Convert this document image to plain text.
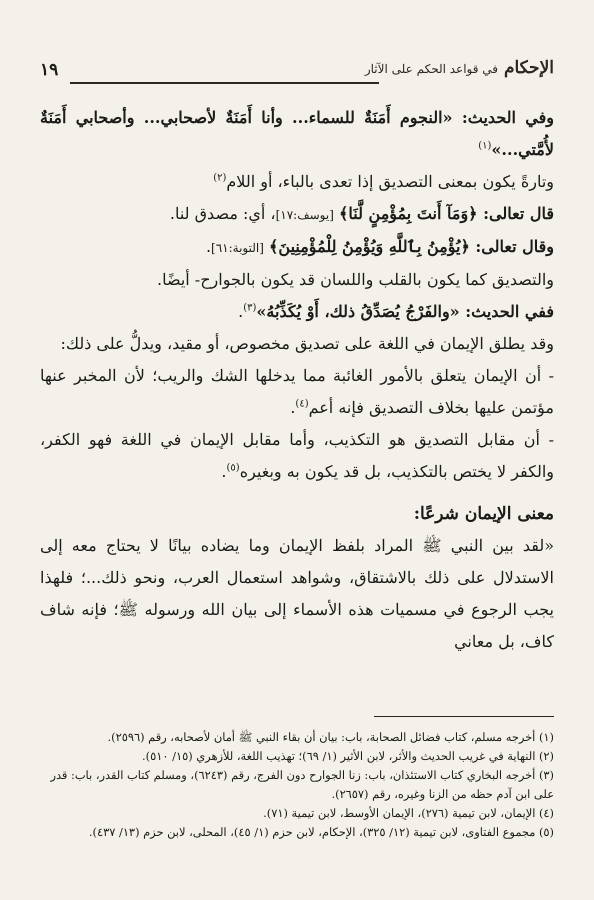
الإحكام في قواعد الحكم على الآثار
١٩

وفي الحديث: «النجوم أَمَنَةٌ للسماء... وأنا أَمَنَةٌ لأصحابي... وأصحابي أَمَنَةٌ لأُمَّتي...»$^{(١)}$

وتارةً يكون بمعنى التصديق إذا تعدى بالباء، أو اللام$^{(٢)}$

قال تعالى: ﴿وَمَآ أَنتَ بِمُؤْمِنٍ لَّنَا﴾ [يوسف:١٧]، أي: مصدق لنا.

وقال تعالى: ﴿يُؤْمِنُ بِٱللَّهِ وَيُؤْمِنُ لِلْمُؤْمِنِينَ﴾ [التوبة:٦١].

والتصديق كما يكون بالقلب واللسان قد يكون بالجوارح- أيضًا.

ففي الحديث: «والفَرْجُ يُصَدِّقُ ذلك، أَوْ يُكَذِّبُهُ»$^{(٣)}$.

وقد يطلق الإيمان في اللغة على تصديق مخصوص، أو مقيد، ويدلُّ على ذلك:

- أن الإيمان يتعلق بالأمور الغائبة مما يدخلها الشك والريب؛ لأن المخبر عنها مؤتمن عليها بخلاف التصديق فإنه أعم$^{(٤)}$.

- أن مقابل التصديق هو التكذيب، وأما مقابل الإيمان في اللغة فهو الكفر، والكفر لا يختص بالتكذيب، بل قد يكون به وبغيره$^{(٥)}$.

معنى الإيمان شرعًا:

«لقد بين النبي ﷺ المراد بلفظ الإيمان وما يضاده بيانًا لا يحتاج معه إلى الاستدلال على ذلك بالاشتقاق، وشواهد استعمال العرب، ونحو ذلك...؛ فلهذا يجب الرجوع في مسميات هذه الأسماء إلى بيان الله ورسوله ﷺ؛ فإنه شاف كاف، بل معاني

(١) أخرجه مسلم، كتاب فضائل الصحابة، باب: بيان أن بقاء النبي ﷺ أمان لأصحابه، رقم (٢٥٩٦).

(٢) النهاية في غريب الحديث والأثر، لابن الأثير (١/ ٦٩)؛ تهذيب اللغة، للأزهري (١٥/ ٥١٠).

(٣) أخرجه البخاري كتاب الاستئذان، باب: زنا الجوارح دون الفرج، رقم (٦٢٤٣)، ومسلم كتاب القدر، باب: قدر على ابن آدم حظه من الزنا وغيره، رقم (٢٦٥٧).

(٤) الإيمان، لابن تيمية (٢٧٦)، الإيمان الأوسط، لابن تيمية (٧١).

(٥) مجموع الفتاوى، لابن تيمية (١٢/ ٣٢٥)، الإحكام، لابن حزم (١/ ٤٥)، المحلى، لابن حزم (١٣/ ٤٣٧).
